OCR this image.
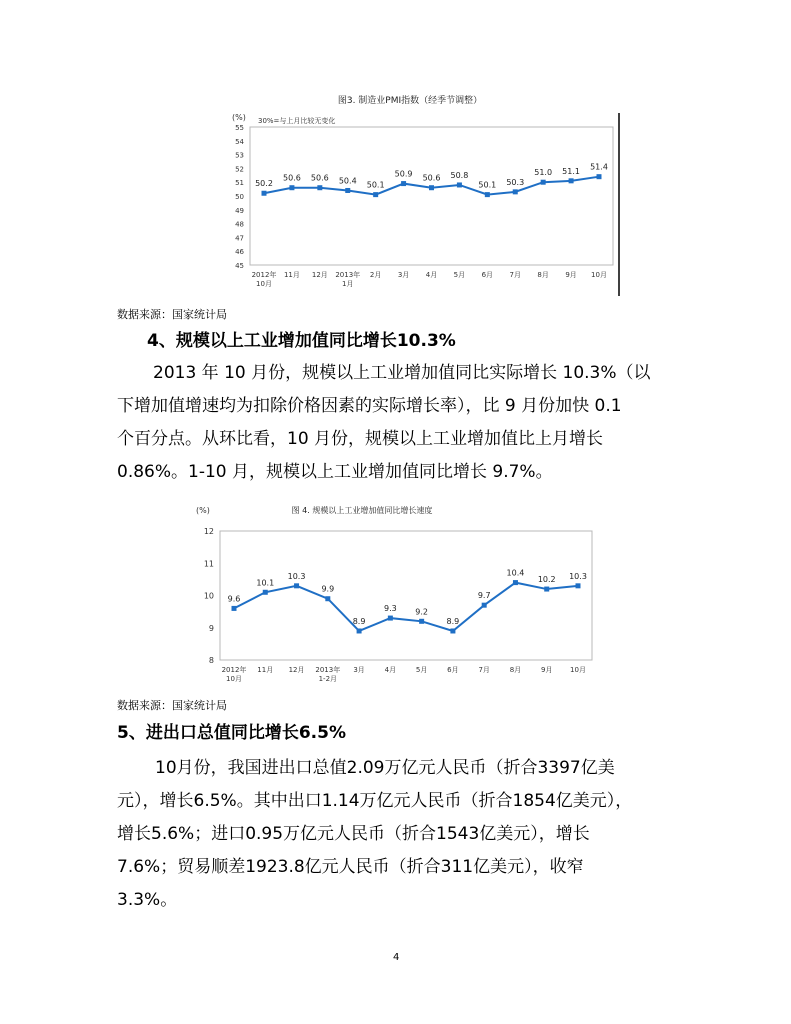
图3. 制造业PMI指数（经季节调整）
(%) 30%=与上月比较无变化
45
46
47
48
49
50
51
52
53
54
55
2012年
10月
11月 12月 2013年
1月
2月 3月 4月 5月 6月 7月 8月 9月 10月
50.2
50.6 50.6 50.4 50.1
50.9 50.6 50.8
50.1 50.3
51.0 51.1 51.4
数据来源：国家统计局
4、规模以上工业增加值同比增长10.3%
2013 年 10 月份，规模以上工业增加值同比实际增长 10.3%（以
下增加值增速均为扣除价格因素的实际增长率），比 9 月份加快 0.1
个百分点。从环比看，10 月份，规模以上工业增加值比上月增长
0.86%。1-10 月，规模以上工业增加值同比增长 9.7%。
图 4. 规模以上工业增加值同比增长速度
(%)
8
9
10
11
12
2012年
10月
11月 12月 2013年
1-2月
3月	4月	5月	6月	7月	8月	9月	10月
9.6
10.1
10.3
9.9
8.9
9.3 9.2
8.9
9.7
10.4
10.2 10.3
数据来源：国家统计局
5、进出口总值同比增长6.5%
10月份，我国进出口总值2.09万亿元人民币（折合3397亿美
元），增长6.5%。其中出口1.14万亿元人民币（折合1854亿美元），
增长5.6%；进口0.95万亿元人民币（折合1543亿美元），增长
7.6%；贸易顺差1923.8亿元人民币（折合311亿美元），收窄
3.3%。
4
